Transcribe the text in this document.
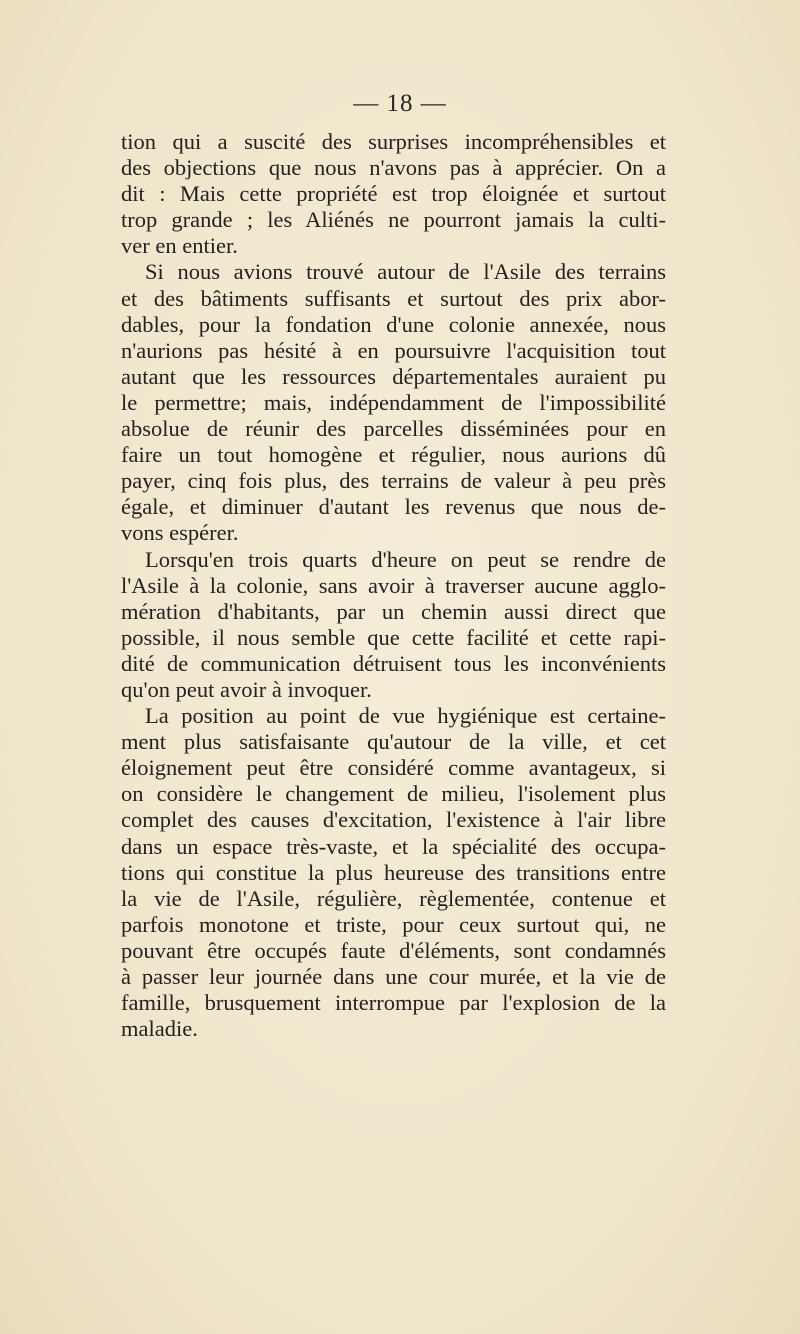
— 18 —
tion qui a suscité des surprises incompréhensibles et
des objections que nous n'avons pas à apprécier. On a
dit : Mais cette propriété est trop éloignée et surtout
trop grande ; les Aliénés ne pourront jamais la culti-
ver en entier.
Si nous avions trouvé autour de l'Asile des terrains
et des bâtiments suffisants et surtout des prix abor-
dables, pour la fondation d'une colonie annexée, nous
n'aurions pas hésité à en poursuivre l'acquisition tout
autant que les ressources départementales auraient pu
le permettre; mais, indépendamment de l'impossibilité
absolue de réunir des parcelles disséminées pour en
faire un tout homogène et régulier, nous aurions dû
payer, cinq fois plus, des terrains de valeur à peu près
égale, et diminuer d'autant les revenus que nous de-
vons espérer.
Lorsqu'en trois quarts d'heure on peut se rendre de
l'Asile à la colonie, sans avoir à traverser aucune agglo-
mération d'habitants, par un chemin aussi direct que
possible, il nous semble que cette facilité et cette rapi-
dité de communication détruisent tous les inconvénients
qu'on peut avoir à invoquer.
La position au point de vue hygiénique est certaine-
ment plus satisfaisante qu'autour de la ville, et cet
éloignement peut être considéré comme avantageux, si
on considère le changement de milieu, l'isolement plus
complet des causes d'excitation, l'existence à l'air libre
dans un espace très-vaste, et la spécialité des occupa-
tions qui constitue la plus heureuse des transitions entre
la vie de l'Asile, régulière, règlementée, contenue et
parfois monotone et triste, pour ceux surtout qui, ne
pouvant être occupés faute d'éléments, sont condamnés
à passer leur journée dans une cour murée, et la vie de
famille, brusquement interrompue par l'explosion de la
maladie.
